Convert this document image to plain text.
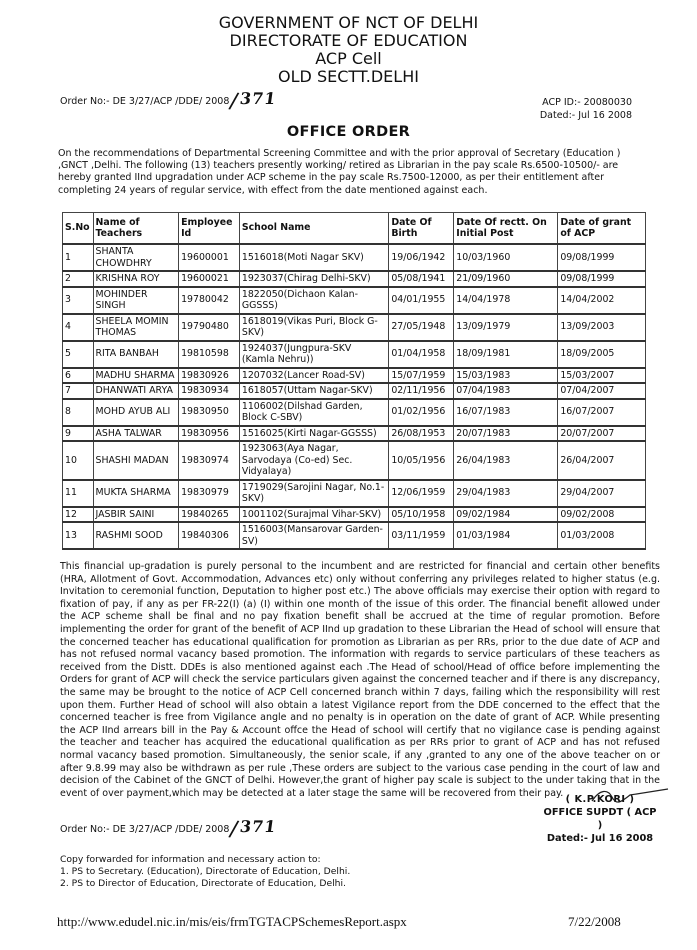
GOVERNMENT OF NCT OF DELHI
DIRECTORATE OF EDUCATION
ACP Cell
OLD SECTT.DELHI
Order No:- DE 3/27/ACP /DDE/ 2008/371	ACP ID:- 20080030
Dated:- Jul 16 2008
OFFICE ORDER
On the recommendations of Departmental Screening Committee and with the prior approval of Secretary (Education ) ,GNCT ,Delhi. The following (13) teachers presently working/ retired as Librarian in the pay scale Rs.6500-10500/- are hereby granted IInd upgradation under ACP scheme in the pay scale Rs.7500-12000, as per their entitlement after completing 24 years of regular service, with effect from the date mentioned against each.
S.No	Name of Teachers	Employee Id	School Name	Date Of Birth	Date Of rectt. On Initial Post	Date of grant of ACP
1	SHANTA CHOWDHRY	19600001	1516018(Moti Nagar SKV)	19/06/1942	10/03/1960	09/08/1999
2	KRISHNA ROY	19600021	1923037(Chirag Delhi-SKV)	05/08/1941	21/09/1960	09/08/1999
3	MOHINDER SINGH	19780042	1822050(Dichaon Kalan-GGSSS)	04/01/1955	14/04/1978	14/04/2002
4	SHEELA MOMIN THOMAS	19790480	1618019(Vikas Puri, Block G-SKV)	27/05/1948	13/09/1979	13/09/2003
5	RITA BANBAH	19810598	1924037(Jungpura-SKV (Kamla Nehru))	01/04/1958	18/09/1981	18/09/2005
6	MADHU SHARMA	19830926	1207032(Lancer Road-SV)	15/07/1959	15/03/1983	15/03/2007
7	DHANWATI ARYA	19830934	1618057(Uttam Nagar-SKV)	02/11/1956	07/04/1983	07/04/2007
8	MOHD AYUB ALI	19830950	1106002(Dilshad Garden, Block C-SBV)	01/02/1956	16/07/1983	16/07/2007
9	ASHA TALWAR	19830956	1516025(Kirti Nagar-GGSSS)	26/08/1953	20/07/1983	20/07/2007
10	SHASHI MADAN	19830974	1923063(Aya Nagar, Sarvodaya (Co-ed) Sec. Vidyalaya)	10/05/1956	26/04/1983	26/04/2007
11	MUKTA SHARMA	19830979	1719029(Sarojini Nagar, No.1-SKV)	12/06/1959	29/04/1983	29/04/2007
12	JASBIR SAINI	19840265	1001102(Surajmal Vihar-SKV)	05/10/1958	09/02/1984	09/02/2008
13	RASHMI SOOD	19840306	1516003(Mansarovar Garden-SV)	03/11/1959	01/03/1984	01/03/2008
This financial up-gradation is purely personal to the incumbent and are restricted for financial and certain other benefits (HRA, Allotment of Govt. Accommodation, Advances etc) only without conferring any privileges related to higher status (e.g. Invitation to ceremonial function, Deputation to higher post etc.) The above officials may exercise their option with regard to fixation of pay, if any as per FR-22(I) (a) (I) within one month of the issue of this order. The financial benefit allowed under the ACP scheme shall be final and no pay fixation benefit shall be accrued at the time of regular promotion. Before implementing the order for grant of the benefit of ACP IInd up gradation to these Librarian the Head of school will ensure that the concerned teacher has educational qualification for promotion as Librarian as per RRs, prior to the due date of ACP and has not refused normal vacancy based promotion. The information with regards to service particulars of these teachers as received from the Distt. DDEs is also mentioned against each .The Head of school/Head of office before implementing the Orders for grant of ACP will check the service particulars given against the concerned teacher and if there is any discrepancy, the same may be brought to the notice of ACP Cell concerned branch within 7 days, failing which the responsibility will rest upon them. Further Head of school will also obtain a latest Vigilance report from the DDE concerned to the effect that the concerned teacher is free from Vigilance angle and no penalty is in operation on the date of grant of ACP. While presenting the ACP IInd arrears bill in the Pay & Account offce the Head of school will certify that no vigilance case is pending against the teacher and teacher has acquired the educational qualification as per RRs prior to grant of ACP and has not refused normal vacancy based promotion. Simultaneously, the senior scale, if any ,granted to any one of the above teacher on or after 9.8.99 may also be withdrawn as per rule ,These orders are subject to the various case pending in the court of law and decision of the Cabinet of the GNCT of Delhi. However,the grant of higher pay scale is subject to the under taking that in the event of over payment,which may be detected at a later stage the same will be recovered from their pay.
( K.P.KORI )
OFFICE SUPDT ( ACP )
Dated:- Jul 16 2008
Order No:- DE 3/27/ACP /DDE/ 2008/371
Copy forwarded for information and necessary action to:
1. PS to Secretary. (Education), Directorate of Education, Delhi.
2. PS to Director of Education, Directorate of Education, Delhi.
http://www.edudel.nic.in/mis/eis/frmTGTACPSchemesReport.aspx	7/22/2008
